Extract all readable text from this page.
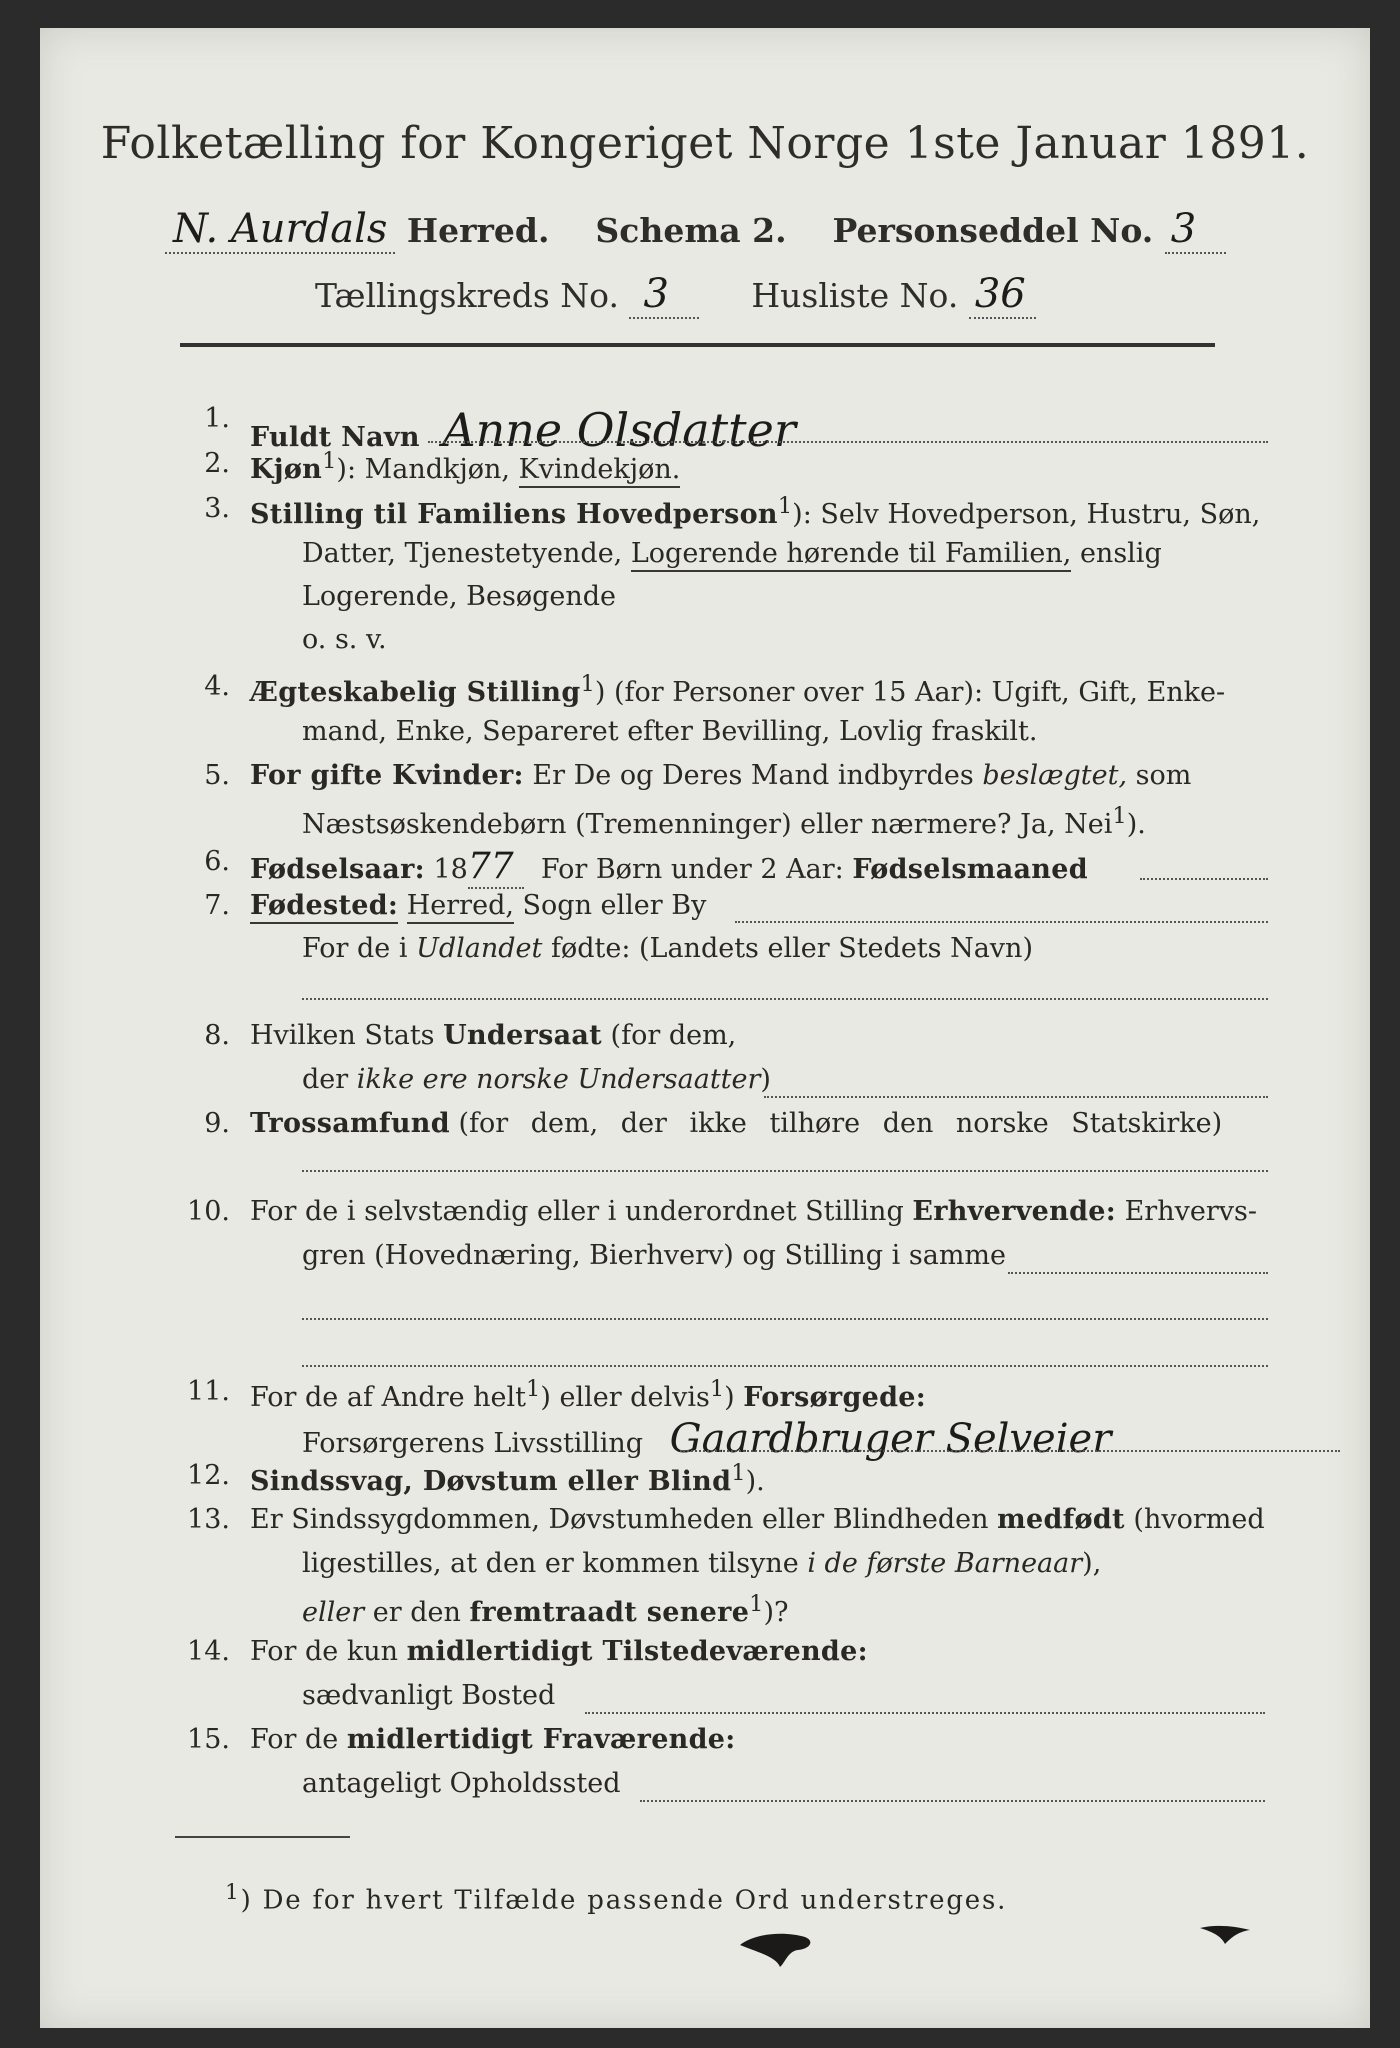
Folketælling for Kongeriget Norge 1ste Januar 1891.
N. Aurdals Herred. Schema 2. Personseddel No. 3
Tællingskreds No. 3 Husliste No. 36
1.
Fuldt Navn Anne Olsdatter
2. Kjøn$^1$): Mandkjøn, Kvindekjøn.
3. Stilling til Familiens Hovedperson$^1$): Selv Hovedperson, Hustru, Søn,
Datter, Tjenestetyende, Logerende hørende til Familien, enslig
Logerende, Besøgende
o. s. v.
4. Ægteskabelig Stilling$^1$) (for Personer over 15 Aar): Ugift, Gift, Enke-
mand, Enke, Separeret efter Bevilling, Lovlig fraskilt.
5. For gifte Kvinder: Er De og Deres Mand indbyrdes beslægtet, som
Næstsøskendebørn (Tremenninger) eller nærmere? Ja, Nei$^1$).
6. Fødselsaar: 1877 For Børn under 2 Aar: Fødselsmaaned
7. Fødested: Herred, Sogn eller By
For de i Udlandet fødte: (Landets eller Stedets Navn)
8. Hvilken Stats Undersaat (for dem,
der ikke ere norske Undersaatter)
9. Trossamfund (for dem, der ikke tilhøre den norske Statskirke)
10. For de i selvstændig eller i underordnet Stilling Erhvervende: Erhvervs-
gren (Hovednæring, Bierhverv) og Stilling i samme
11. For de af Andre helt$^1$) eller delvis$^1$) Forsørgede:
Forsørgerens Livsstilling Gaardbruger Selveier
12. Sindssvag, Døvstum eller Blind$^1$).
13. Er Sindssygdommen, Døvstumheden eller Blindheden medfødt (hvormed
ligestilles, at den er kommen tilsyne i de første Barneaar),
eller er den fremtraadt senere$^1$)?
14. For de kun midlertidigt Tilstedeværende:
sædvanligt Bosted
15. For de midlertidigt Fraværende:
antageligt Opholdssted
$^1$) De for hvert Tilfælde passende Ord understreges.
